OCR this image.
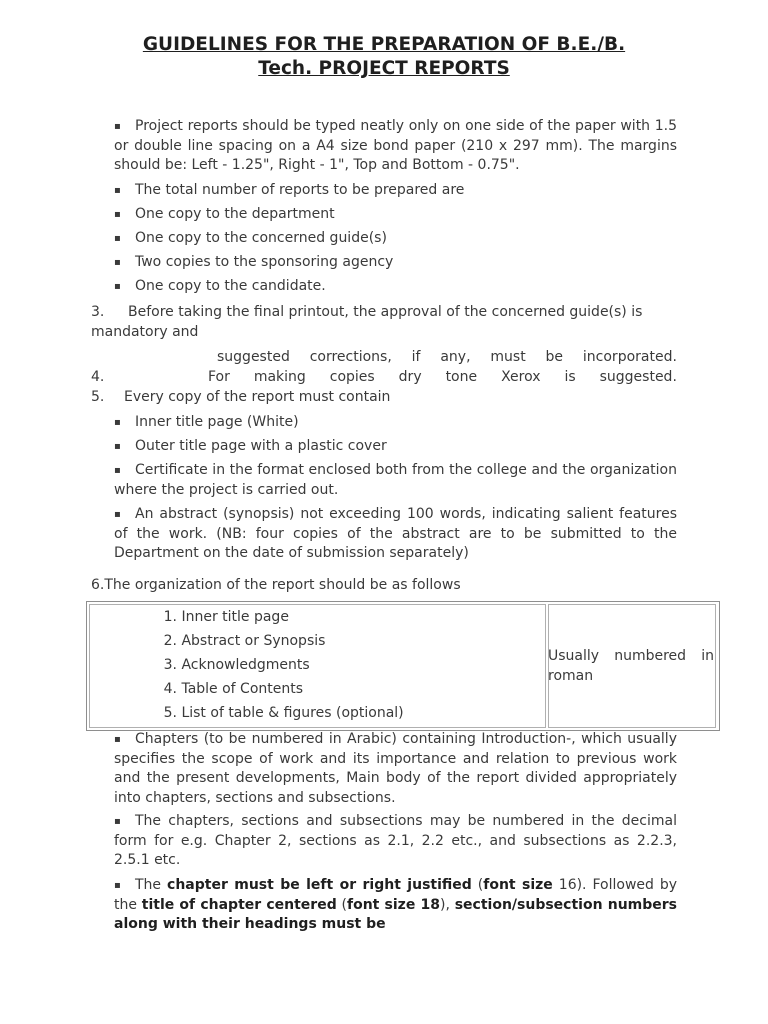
GUIDELINES FOR THE PREPARATION OF B.E./B.
Tech. PROJECT REPORTS
▪ Project reports should be typed neatly only on one side of the paper with 1.5 or double line spacing on a A4 size bond paper (210 x 297 mm). The margins should be: Left - 1.25", Right - 1", Top and Bottom - 0.75".
▪ The total number of reports to be prepared are
▪ One copy to the department
▪ One copy to the concerned guide(s)
▪ Two copies to the sponsoring agency
▪ One copy to the candidate.
3. Before taking the final printout, the approval of the concerned guide(s) is mandatory and
suggested corrections, if any, must be incorporated.
4.	For making copies dry tone Xerox is suggested.
5. Every copy of the report must contain
▪ Inner title page (White)
▪ Outer title page with a plastic cover
▪ Certificate in the format enclosed both from the college and the organization where the project is carried out.
▪ An abstract (synopsis) not exceeding 100 words, indicating salient features of the work. (NB: four copies of the abstract are to be submitted to the Department on the date of submission separately)
6.The organization of the report should be as follows
1. Inner title page
2. Abstract or Synopsis
3. Acknowledgments
4. Table of Contents
5. List of table & figures (optional)
Usually numbered in
roman
▪ Chapters (to be numbered in Arabic) containing Introduction-, which usually specifies the scope of work and its importance and relation to previous work and the present developments, Main body of the report divided appropriately into chapters, sections and subsections.
▪ The chapters, sections and subsections may be numbered in the decimal form for e.g. Chapter 2, sections as 2.1, 2.2 etc., and subsections as 2.2.3, 2.5.1 etc.
▪ The chapter must be left or right justified (font size 16). Followed by the title of chapter centered (font size 18), section/subsection numbers along with their headings must be
